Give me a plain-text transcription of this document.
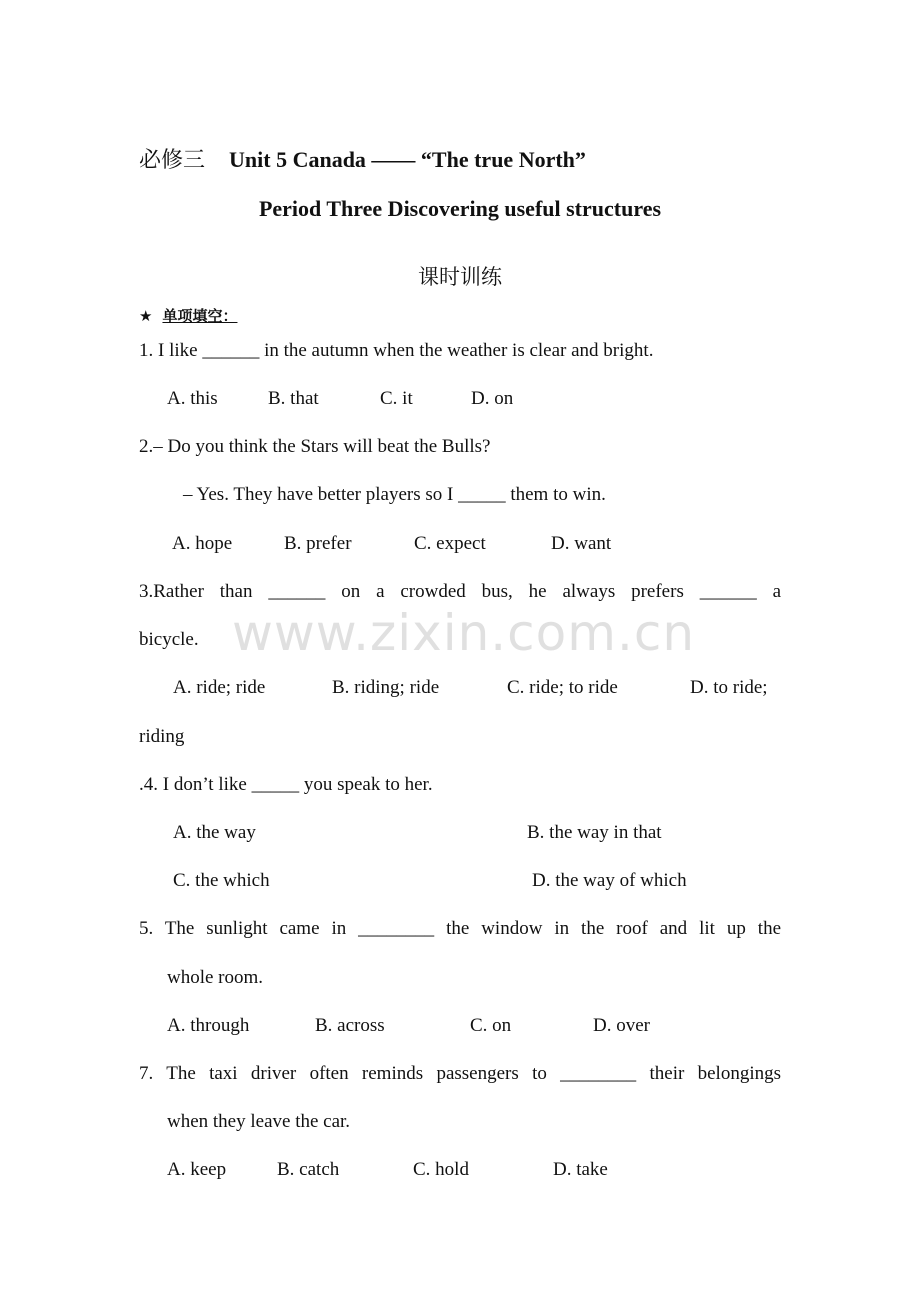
必修三 Unit 5 Canada —— “The true North”
Period Three Discovering useful structures
课时训练
★ 单项填空：
1. I like ______ in the autumn when the weather is clear and bright.
A. this	B. that	C. it	D. on
2.– Do you think the Stars will beat the Bulls?
– Yes. They have better players so I _____ them to win.
A. hope	B. prefer	C. expect	D. want
3.Rather than ______ on a crowded bus, he always prefers ______ a
bicycle.
A. ride; ride	B. riding; ride	C. ride; to ride	D. to ride;
riding
.4. I don’t like _____ you speak to her.
A. the way	B. the way in that
C. the which	D. the way of which
5. The sunlight came in ________ the window in the roof and lit up the
whole room.
A. through	B. across	C. on	D. over
7. The taxi driver often reminds passengers to ________ their belongings
when they leave the car.
A. keep	B. catch	C. hold	D. take
www.zixin.com.cn
